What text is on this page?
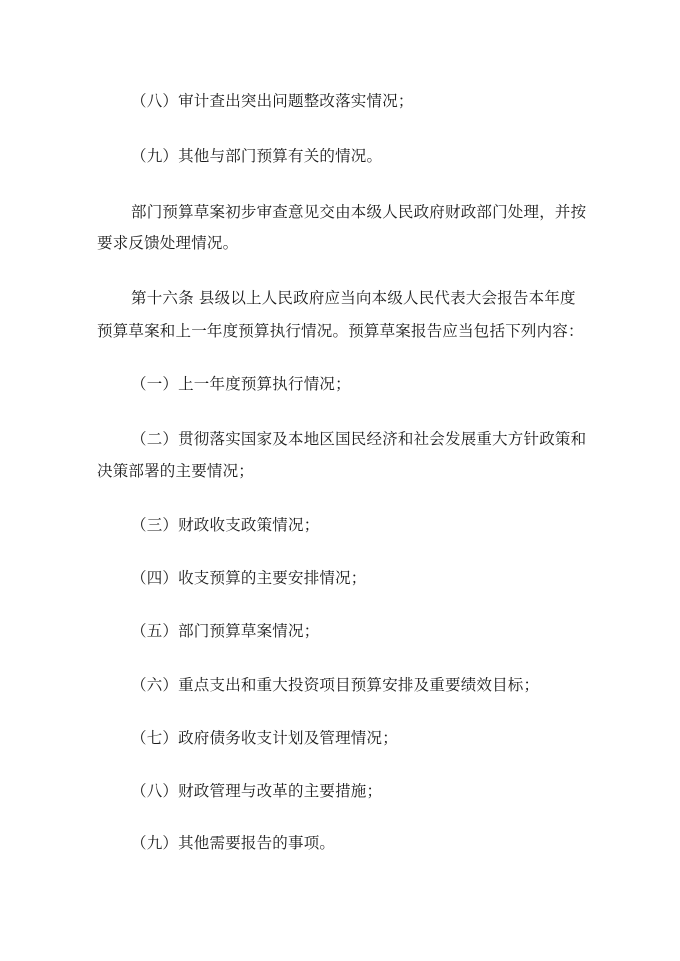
（八）审计查出突出问题整改落实情况；
（九）其他与部门预算有关的情况。
部门预算草案初步审查意见交由本级人民政府财政部门处理，并按
要求反馈处理情况。
第十六条 县级以上人民政府应当向本级人民代表大会报告本年度
预算草案和上一年度预算执行情况。预算草案报告应当包括下列内容：
（一）上一年度预算执行情况；
（二）贯彻落实国家及本地区国民经济和社会发展重大方针政策和
决策部署的主要情况；
（三）财政收支政策情况；
（四）收支预算的主要安排情况；
（五）部门预算草案情况；
（六）重点支出和重大投资项目预算安排及重要绩效目标；
（七）政府债务收支计划及管理情况；
（八）财政管理与改革的主要措施；
（九）其他需要报告的事项。
